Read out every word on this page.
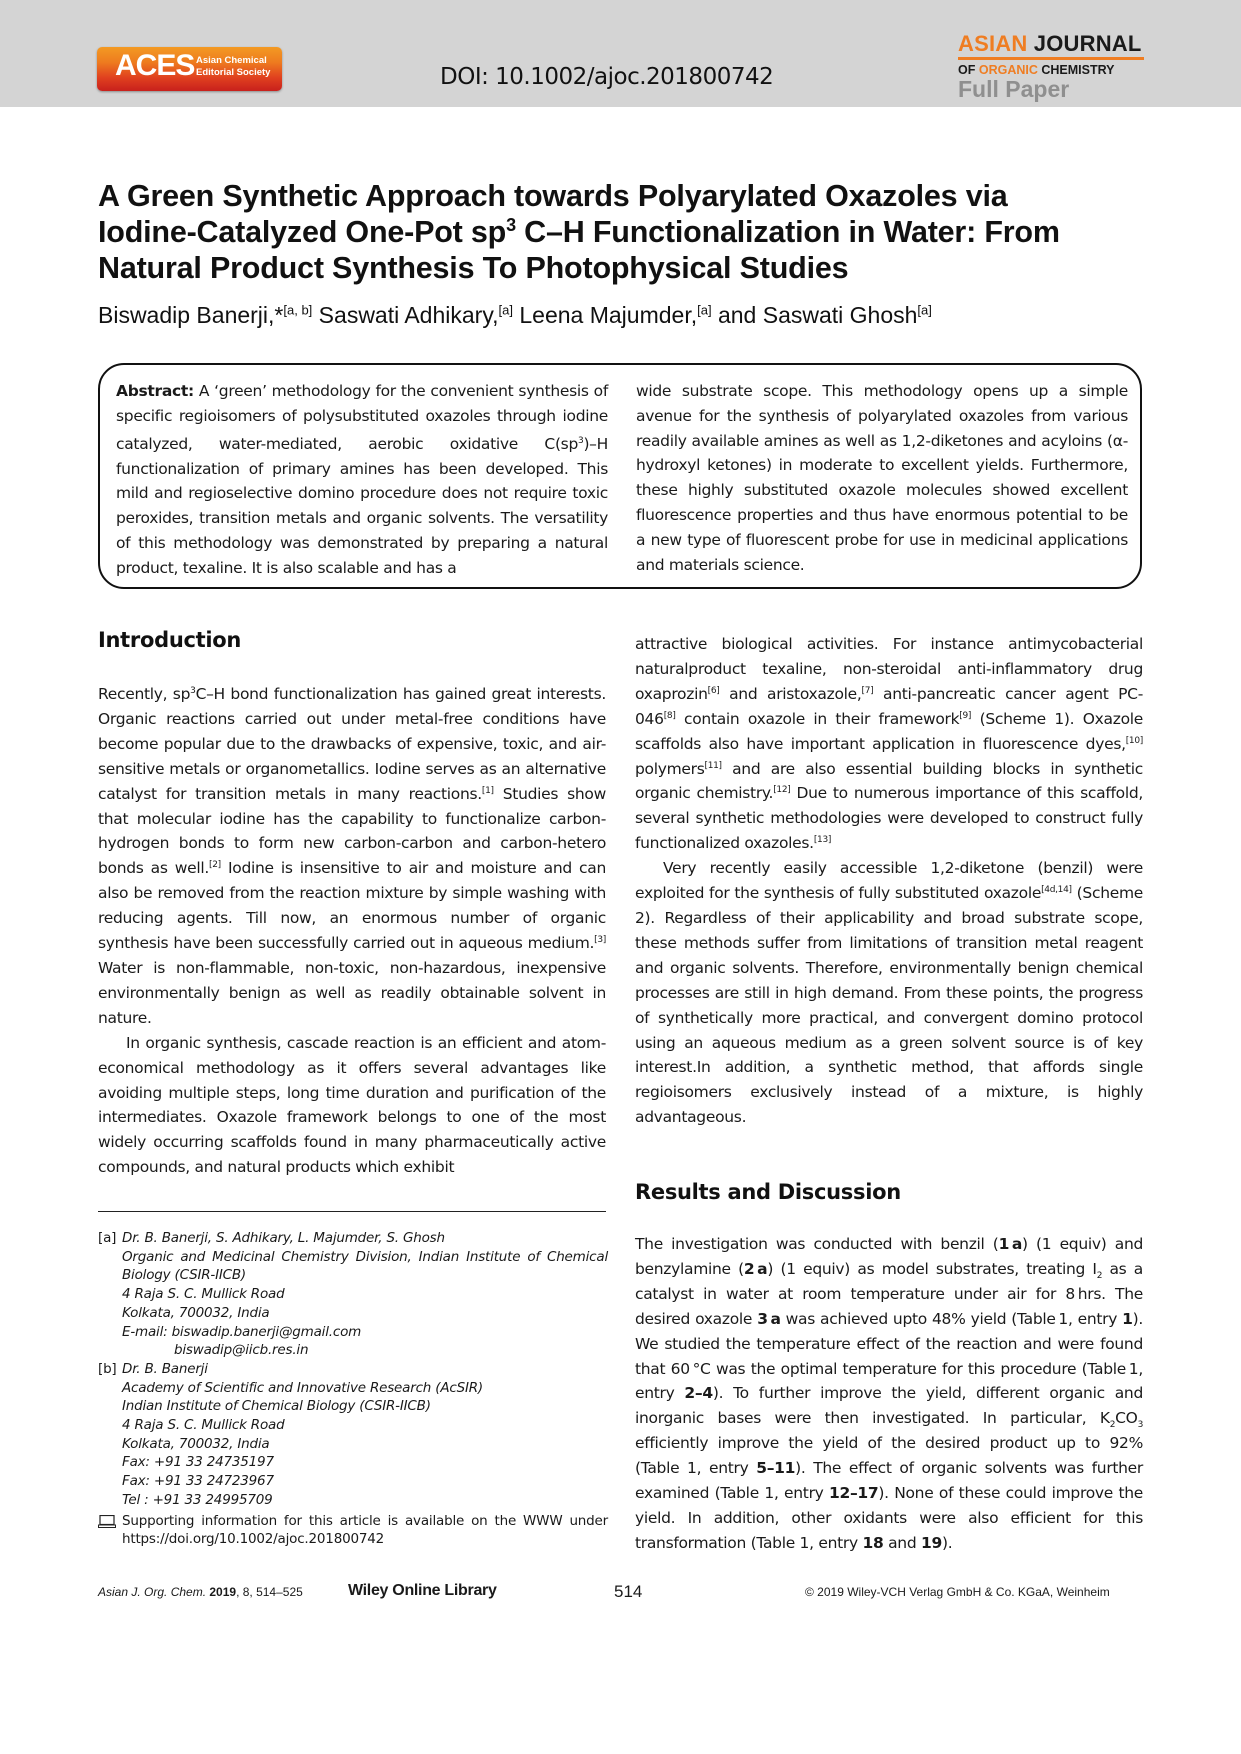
ACES Asian Chemical
Editorial Society	DOI: 10.1002/ajoc.201800742
ASIAN JOURNAL
OF ORGANIC CHEMISTRY
Full Paper
A Green Synthetic Approach towards Polyarylated Oxazoles via
Iodine-Catalyzed One-Pot $sp^3$ C–H Functionalization in Water: From
Natural Product Synthesis To Photophysical Studies
Biswadip Banerji,*[a, b] Saswati Adhikary,[a] Leena Majumder,[a] and Saswati Ghosh[a]
Abstract: A ‘green’ methodology for the convenient synthesis of specific regioisomers of polysubstituted oxazoles through iodine catalyzed, water-mediated, aerobic oxidative $C(sp^3)-H$ functionalization of primary amines has been developed. This mild and regioselective domino procedure does not require toxic peroxides, transition metals and organic solvents. The versatility of this methodology was demonstrated by preparing a natural product, texaline. It is also scalable and has a
wide substrate scope. This methodology opens up a simple avenue for the synthesis of polyarylated oxazoles from various readily available amines as well as 1,2-diketones and acyloins (α-hydroxyl ketones) in moderate to excellent yields. Furthermore, these highly substituted oxazole molecules showed excellent fluorescence properties and thus have enormous potential to be a new type of fluorescent probe for use in medicinal applications and materials science.
Introduction

Recently, $sp^3C-H$ bond functionalization has gained great interests. Organic reactions carried out under metal-free conditions have become popular due to the drawbacks of expensive, toxic, and air-sensitive metals or organometallics. Iodine serves as an alternative catalyst for transition metals in many reactions.[1] Studies show that molecular iodine has the capability to functionalize carbon-hydrogen bonds to form new carbon-carbon and carbon-hetero bonds as well.[2] Iodine is insensitive to air and moisture and can also be removed from the reaction mixture by simple washing with reducing agents. Till now, an enormous number of organic synthesis have been successfully carried out in aqueous medium.[3] Water is non-flammable, non-toxic, non-hazardous, inexpensive environmentally benign as well as readily obtainable solvent in nature.

In organic synthesis, cascade reaction is an efficient and atom-economical methodology as it offers several advantages like avoiding multiple steps, long time duration and purification of the intermediates. Oxazole framework belongs to one of the most widely occurring scaffolds found in many pharmaceutically active compounds, and natural products which exhibit

[a] Dr. B. Banerji, S. Adhikary, L. Majumder, S. Ghosh
Organic and Medicinal Chemistry Division, Indian Institute of Chemical
Biology (CSIR-IICB)
4 Raja S. C. Mullick Road
Kolkata, 700032, India
E-mail: biswadip.banerji@gmail.com
biswadip@iicb.res.in
[b] Dr. B. Banerji
Academy of Scientific and Innovative Research (AcSIR)
Indian Institute of Chemical Biology (CSIR-IICB)
4 Raja S. C. Mullick Road
Kolkata, 700032, India
Fax: +91 33 24735197
Fax: +91 33 24723967
Tel : +91 33 24995709
Supporting information for this article is available on the WWW under https://doi.org/10.1002/ajoc.201800742

attractive biological activities. For instance antimycobacterial naturalproduct texaline, non-steroidal anti-inflammatory drug oxaprozin[6] and aristoxazole,[7] anti-pancreatic cancer agent PC-046[8] contain oxazole in their framework[9] (Scheme 1). Oxazole scaffolds also have important application in fluorescence dyes,[10] polymers[11] and are also essential building blocks in synthetic organic chemistry.[12] Due to numerous importance of this scaffold, several synthetic methodologies were developed to construct fully functionalized oxazoles.[13]

Very recently easily accessible 1,2-diketone (benzil) were exploited for the synthesis of fully substituted oxazole[4d,14] (Scheme 2). Regardless of their applicability and broad substrate scope, these methods suffer from limitations of transition metal reagent and organic solvents. Therefore, environmentally benign chemical processes are still in high demand. From these points, the progress of synthetically more practical, and convergent domino protocol using an aqueous medium as a green solvent source is of key interest.In addition, a synthetic method, that affords single regioisomers exclusively instead of a mixture, is highly advantageous.

Results and Discussion

The investigation was conducted with benzil (1 a) (1 equiv) and benzylamine (2 a) (1 equiv) as model substrates, treating $I_2$ as a catalyst in water at room temperature under air for 8 hrs. The desired oxazole 3 a was achieved upto 48% yield (Table 1, entry 1). We studied the temperature effect of the reaction and were found that 60 °C was the optimal temperature for this procedure (Table 1, entry 2–4). To further improve the yield, different organic and inorganic bases were then investigated. In particular, $K_2CO_3$ efficiently improve the yield of the desired product up to 92% (Table 1, entry 5–11). The effect of organic solvents was further examined (Table 1, entry 12–17). None of these could improve the yield. In addition, other oxidants were also efficient for this transformation (Table 1, entry 18 and 19).

Asian J. Org. Chem. 2019, 8, 514–525	Wiley Online Library	514	© 2019 Wiley-VCH Verlag GmbH & Co. KGaA, Weinheim
